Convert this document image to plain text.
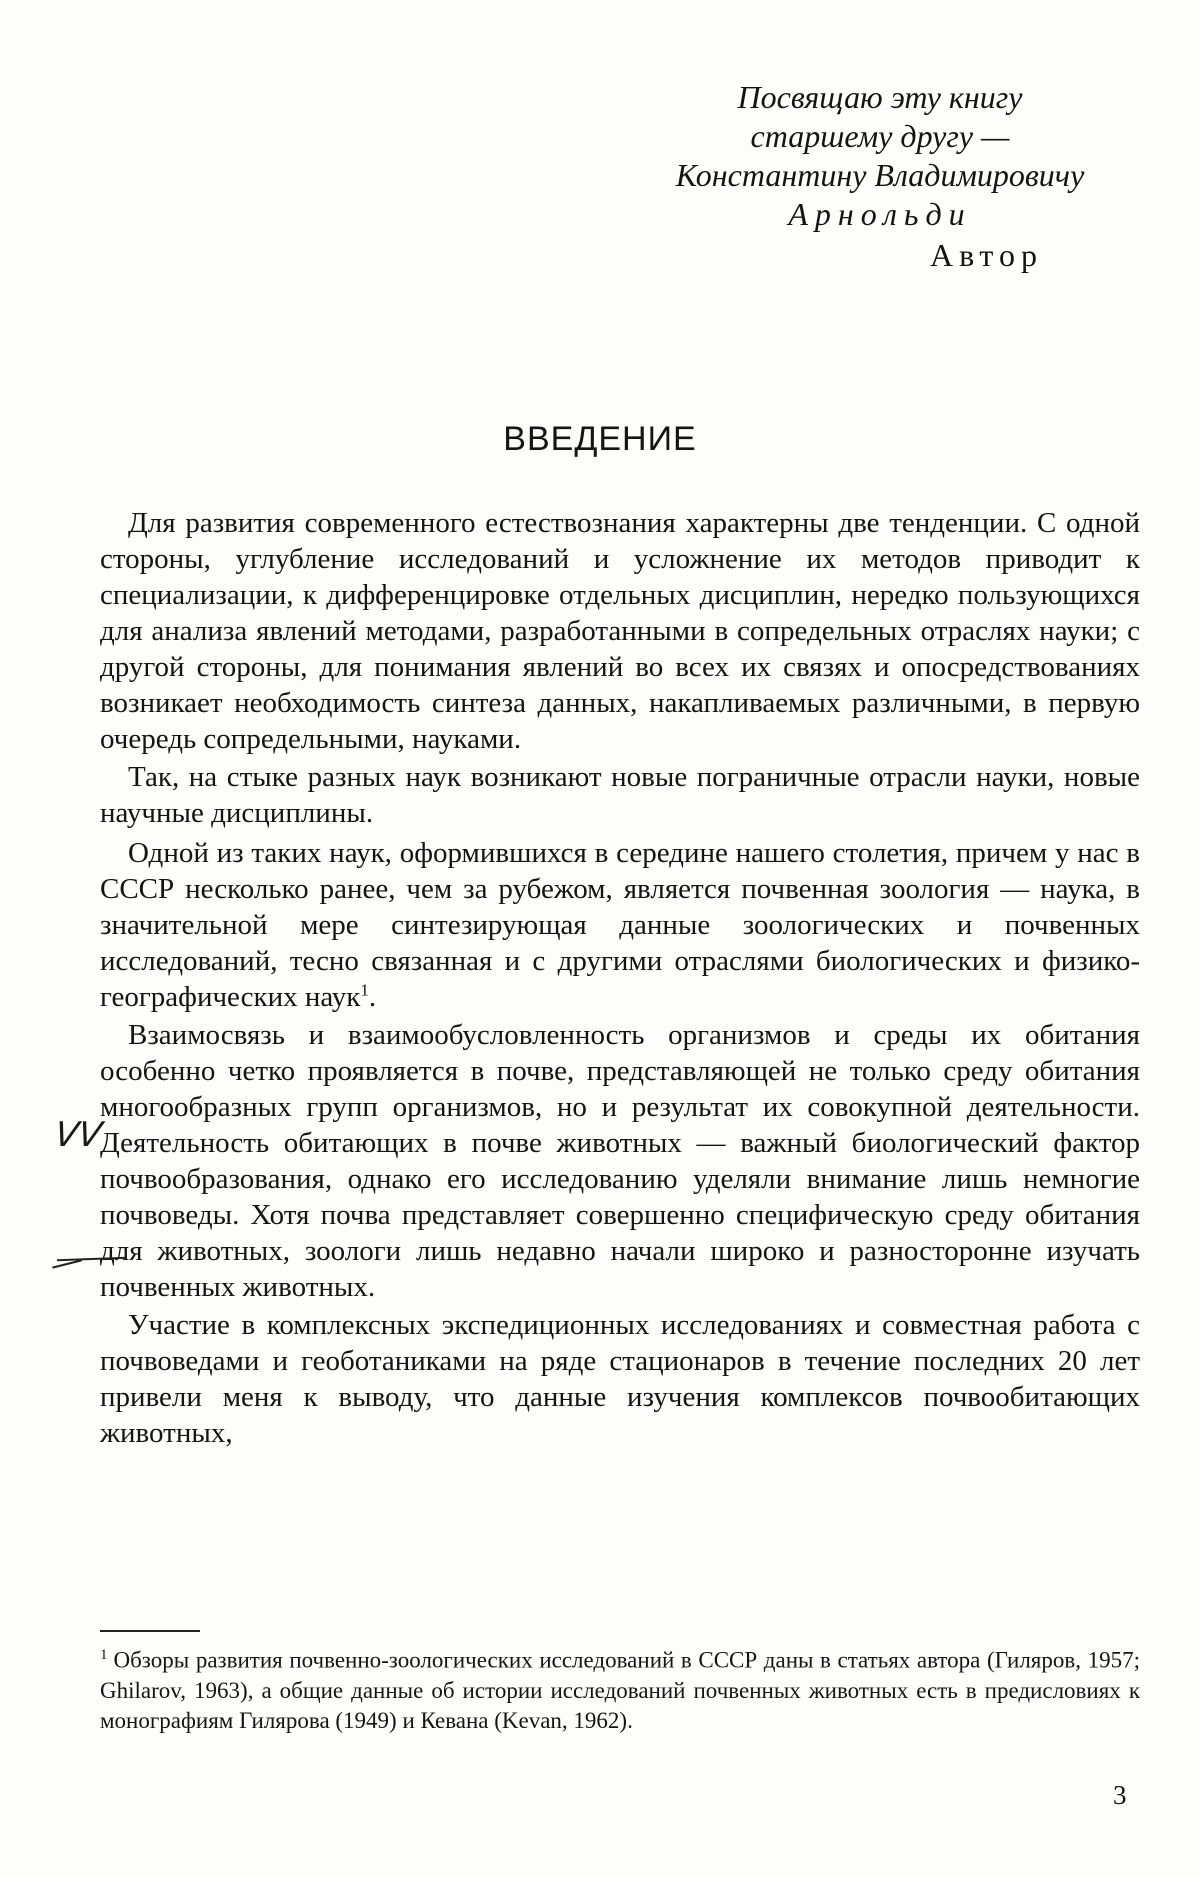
Посвящаю эту книгу
старшему другу —
Константину Владимировичу
Арнольди
Автор
ВВЕДЕНИЕ

Для развития современного естествознания характерны две тенденции. С одной стороны, углубление исследований и усложнение их методов приводит к специализации, к дифференцировке отдельных дисциплин, нередко пользующихся для анализа явлений методами, разработанными в сопредельных отраслях науки; с другой стороны, для понимания явлений во всех их связях и опосредствованиях возникает необходимость синтеза данных, накапливаемых различными, в первую очередь сопредельными, науками.

Так, на стыке разных наук возникают новые пограничные отрасли науки, новые научные дисциплины.

Одной из таких наук, оформившихся в середине нашего столетия, причем у нас в СССР несколько ранее, чем за рубежом, является почвенная зоология — наука, в значительной мере синтезирующая данные зоологических и почвенных исследований, тесно связанная и с другими отраслями биологических и физико-географических наук$^1$.

Взаимосвязь и взаимообусловленность организмов и среды их обитания особенно четко проявляется в почве, представляющей не только среду обитания многообразных групп организмов, но и результат их совокупной деятельности. Деятельность обитающих в почве животных — важный биологический фактор почвообразования, однако его исследованию уделяли внимание лишь немногие почвоведы. Хотя почва представляет совершенно специфическую среду обитания для животных, зоологи лишь недавно начали широко и разносторонне изучать почвенных животных.

Участие в комплексных экспедиционных исследованиях и совместная работа с почвоведами и геоботаниками на ряде стационаров в течение последних 20 лет привели меня к выводу, что данные изучения комплексов почвообитающих животных,

VV
$^1$ Обзоры развития почвенно-зоологических исследований в СССР даны в статьях автора (Гиляров, 1957; Ghilarov, 1963), а общие данные об истории исследований почвенных животных есть в предисловиях к монографиям Гилярова (1949) и Кевана (Kevan, 1962).
3
